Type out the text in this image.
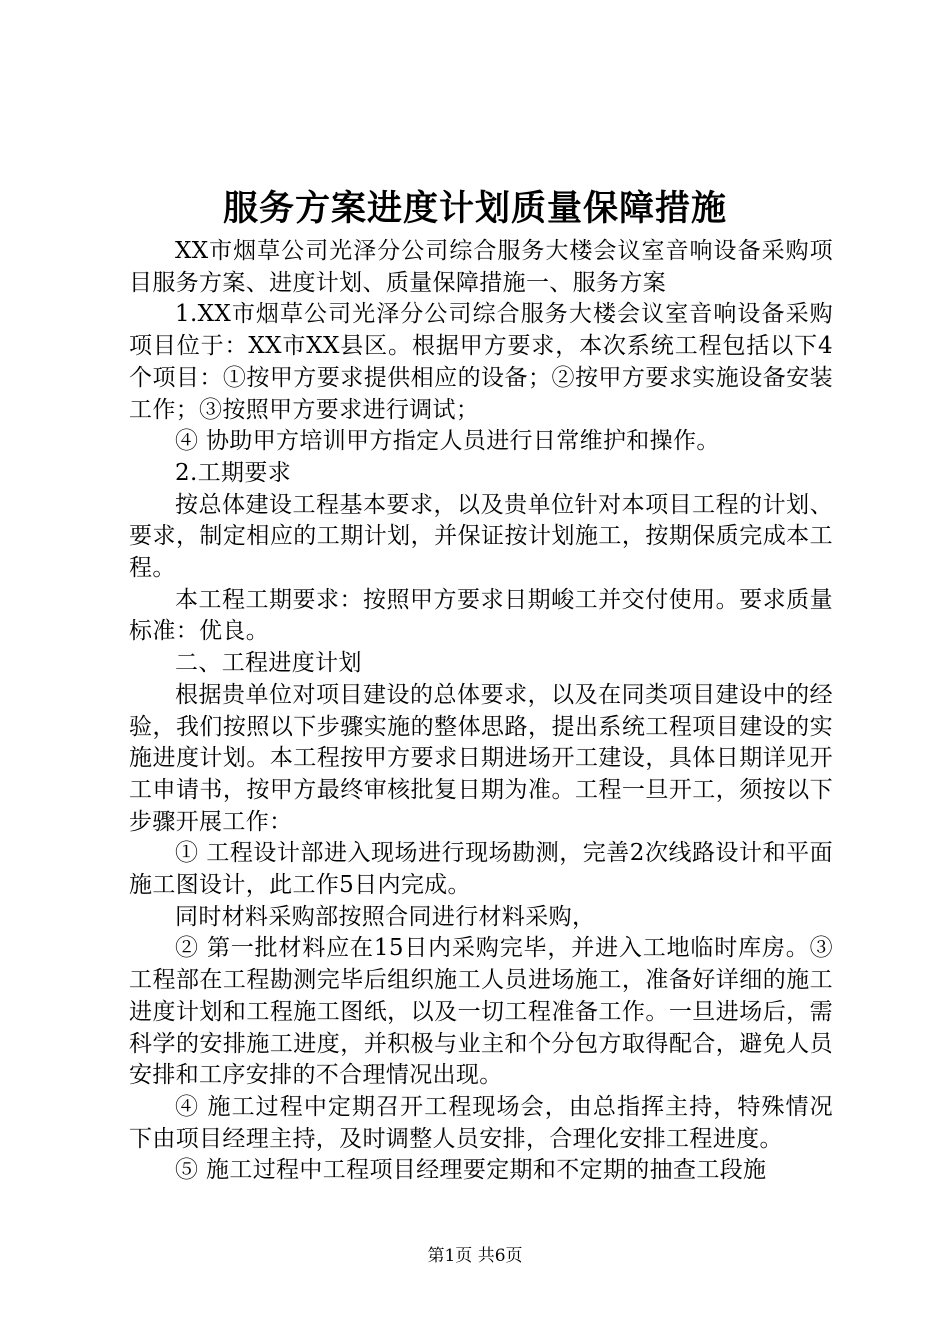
服务方案进度计划质量保障措施

XX市烟草公司光泽分公司综合服务大楼会议室音响设备采购项目服务方案、进度计划、质量保障措施一、服务方案

1.XX市烟草公司光泽分公司综合服务大楼会议室音响设备采购项目位于：XX市XX县区。根据甲方要求，本次系统工程包括以下4个项目：①按甲方要求提供相应的设备；②按甲方要求实施设备安装工作；③按照甲方要求进行调试；

④ 协助甲方培训甲方指定人员进行日常维护和操作。

2.工期要求

按总体建设工程基本要求，以及贵单位针对本项目工程的计划、要求，制定相应的工期计划，并保证按计划施工，按期保质完成本工程。

本工程工期要求：按照甲方要求日期峻工并交付使用。要求质量标准：优良。

二、工程进度计划

根据贵单位对项目建设的总体要求，以及在同类项目建设中的经验，我们按照以下步骤实施的整体思路，提出系统工程项目建设的实施进度计划。本工程按甲方要求日期进场开工建设，具体日期详见开工申请书，按甲方最终审核批复日期为准。工程一旦开工，须按以下步骤开展工作：

① 工程设计部进入现场进行现场勘测，完善2次线路设计和平面施工图设计，此工作5日内完成。

同时材料采购部按照合同进行材料采购，

② 第一批材料应在15日内采购完毕，并进入工地临时库房。③工程部在工程勘测完毕后组织施工人员进场施工，准备好详细的施工进度计划和工程施工图纸，以及一切工程准备工作。一旦进场后，需科学的安排施工进度，并积极与业主和个分包方取得配合，避免人员安排和工序安排的不合理情况出现。

④ 施工过程中定期召开工程现场会，由总指挥主持，特殊情况下由项目经理主持，及时调整人员安排，合理化安排工程进度。

⑤ 施工过程中工程项目经理要定期和不定期的抽查工段施

第1页 共6页
